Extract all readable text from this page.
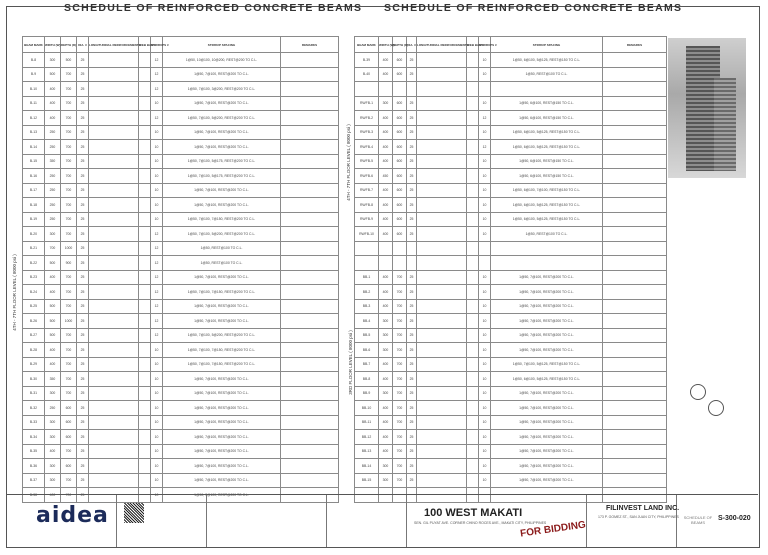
SCHEDULE OF REINFORCED CONCRETE BEAMS SCHEDULE OF REINFORCED CONCRETE BEAMS
BEAM MARK	WIDTH (W)	DEPTH (D)	DIA. #	LONGITUDINAL REINFORCEMENTS	WEB BARS	STIRRUPS #	STIRRUP SPACING	REMARKS
B-8	300	500	25			12	1@50, 10@100, 10@200, REST@200 TO C.L.	
B-9	500	700	25			12	1@50, 7@100, REST@200 TO C.L.	
B-10	400	700	25			12	1@50, 7@100, 3@200, REST@200 TO C.L.	
B-11	400	700	25			10	1@50, 7@100, REST@200 TO C.L.	
B-12	400	700	25			12	1@50, 7@100, 5@200, REST@200 TO C.L.	
B-13	250	700	25			10	1@50, 7@100, REST@200 TO C.L.	
B-14	250	700	25			10	1@50, 7@100, REST@200 TO C.L.	
B-15	350	700	25			10	1@50, 7@100, 5@175, REST@200 TO C.L.	
B-16	250	700	25			10	1@50, 7@100, 5@175, REST@200 TO C.L.	
B-17	250	700	25			10	1@50, 7@100, REST@200 TO C.L.	
B-18	250	700	25			10	1@50, 7@100, REST@200 TO C.L.	
B-19	250	700	25			10	1@50, 7@100, 7@150, REST@200 TO C.L.	
B-20	300	700	25			12	1@50, 7@100, 5@200, REST@200 TO C.L.	
B-21	700	1000	25			12	1@50, REST@100 TO C.L.	
B-22	500	900	25			12	1@50, REST@100 TO C.L.	
B-23	400	700	25			12	1@50, 7@100, REST@200 TO C.L.	
B-24	400	700	25			12	1@50, 7@100, 7@150, REST@200 TO C.L.	
B-25	500	700	25			12	1@50, 7@100, REST@200 TO C.L.	
B-26	500	1000	25			12	1@50, 7@100, REST@200 TO C.L.	
B-27	500	700	25			12	1@50, 7@100, 5@200, REST@200 TO C.L.	
B-28	400	700	25			10	1@50, 7@100, 7@150, REST@200 TO C.L.	
B-29	400	700	25			10	1@50, 7@100, 7@150, REST@200 TO C.L.	
B-30	350	700	25			10	1@50, 7@100, REST@200 TO C.L.	
B-31	300	700	25			10	1@50, 7@100, REST@200 TO C.L.	
B-32	250	600	25			10	1@50, 7@100, REST@200 TO C.L.	
B-33	300	600	25			10	1@50, 7@100, REST@200 TO C.L.	
B-34	300	600	25			10	1@50, 7@100, REST@200 TO C.L.	
B-35	400	700	25			10	1@50, 7@100, REST@200 TO C.L.	
B-36	300	600	25			10	1@50, 7@100, REST@200 TO C.L.	
B-37	300	700	25			10	1@50, 7@100, REST@200 TO C.L.	
B-38	400	700	25			10	1@50, 7@100, REST@200 TO C.L.	
4TH - 7TH FLOOR LEVEL ( 8000 psi )
BEAM MARK	WIDTH (W)	DEPTH (D)	DIA. #	LONGITUDINAL REINFORCEMENTS	WEB BARS	STIRRUPS #	STIRRUP SPACING	REMARKS
B-39	400	600	25			10	1@50, 6@100, 5@125, REST@150 TO C.L.	
B-40	400	600	25			10	1@50, REST@100 TO C.L.	

RWFB-1	300	600	25			10	1@50, 6@100, REST@150 TO C.L.	
RWFB-2	400	600	25			12	1@50, 6@100, REST@150 TO C.L.	
RWFB-3	400	600	25			10	1@50, 6@100, 5@125, REST@150 TO C.L.	
RWFB-4	400	600	25			12	1@50, 6@100, 5@125, REST@150 TO C.L.	
RWFB-5	400	600	25			10	1@50, 6@100, REST@150 TO C.L.	
RWFB-6	450	600	25			10	1@50, 6@100, REST@150 TO C.L.	
RWFB-7	400	600	25			10	1@50, 6@100, 7@100, REST@150 TO C.L.	
RWFB-8	400	600	25			10	1@50, 6@100, 5@125, REST@150 TO C.L.	
RWFB-9	400	600	25			10	1@50, 6@100, 5@125, REST@150 TO C.L.	
RWFB-10	400	600	25			10	1@50, REST@100 TO C.L.	

BB-1	400	700	25			10	1@50, 7@100, REST@200 TO C.L.	
BB-2	400	700	25			10	1@50, 7@100, REST@200 TO C.L.	
BB-3	400	700	25			10	1@50, 7@100, REST@200 TO C.L.	
BB-4	300	700	25			10	1@50, 7@100, REST@200 TO C.L.	
BB-5	300	700	25			10	1@50, 7@100, REST@200 TO C.L.	
BB-6	300	700	25			10	1@50, 7@100, REST@200 TO C.L.	
BB-7	400	700	25			10	1@50, 7@100, 5@125, REST@150 TO C.L.	
BB-8	400	700	25			10	1@50, 6@100, 5@125, REST@150 TO C.L.	
BB-9	300	700	25			10	1@50, 7@100, REST@200 TO C.L.	
BB-10	400	700	25			10	1@50, 7@100, REST@200 TO C.L.	
BB-11	400	700	25			10	1@50, 7@100, REST@200 TO C.L.	
BB-12	400	700	25			10	1@50, 7@100, REST@200 TO C.L.	
BB-13	400	700	25			10	1@50, 7@100, REST@200 TO C.L.	
BB-14	300	700	25			10	1@50, 7@100, REST@200 TO C.L.	
BB-15	300	700	25			10	1@50, 7@100, REST@200 TO C.L.	

4TH - 7TH FLOOR LEVEL ( 8000 psi )
3RD FLOOR LEVEL ( 8000 psi )
aidea	100 WEST MAKATI
SEN. GIL PUYAT AVE. CORNER CHINO ROCES AVE., MAKATI CITY, PHILIPPINES
FILINVEST LAND INC.
173 P. GOMEZ ST., SAN JUAN CITY, PHILIPPINES	SCHEDULE OF BEAMS
S-300-020
FOR BIDDING
